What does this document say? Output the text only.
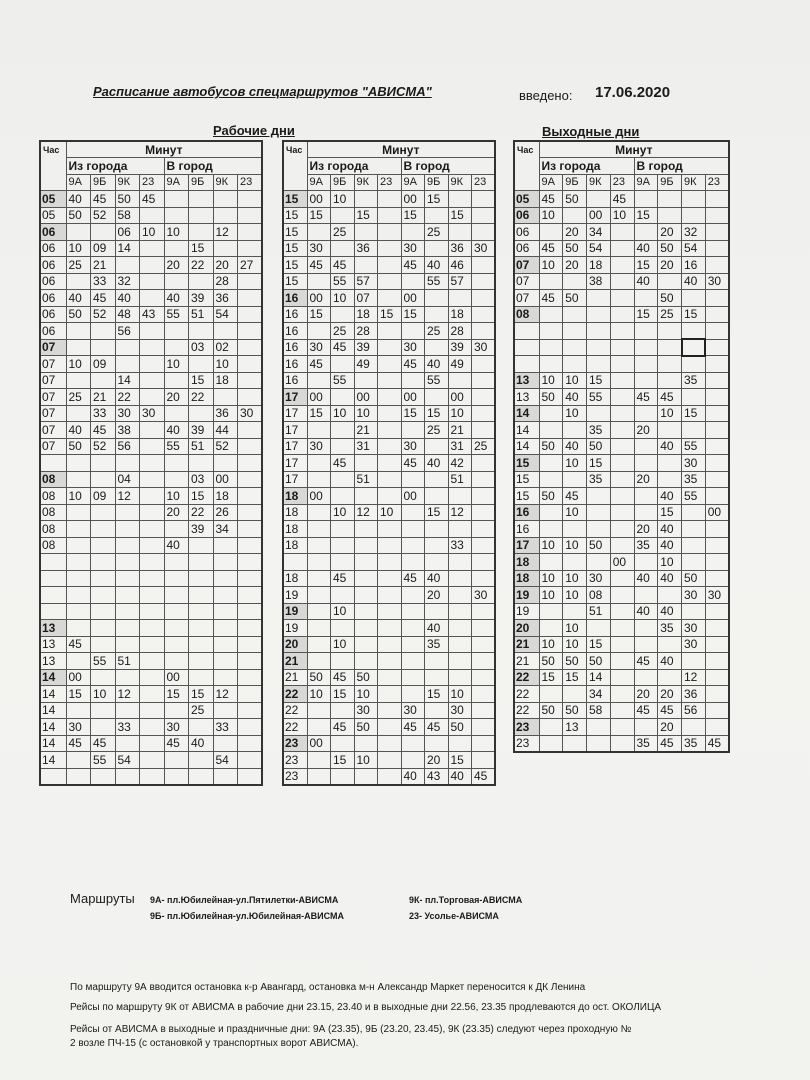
Расписание автобусов спецмаршрутов "АВИСМА"	введено: 17.06.2020
Рабочие дни	Выходные дни
Час	Минут							
	Из города				В город			
	9А	9Б	9К	23	9А	9Б	9К	23
05	40	45	50	45				
05	50	52	58					
06			06	10	10		12	
06	10	09	14			15		
06	25	21			20	22	20	27
06		33	32				28	
06	40	45	40		40	39	36	
06	50	52	48	43	55	51	54	
06			56					
07						03	02	
07	10	09			10		10	
07			14			15	18	
07	25	21	22		20	22		
07		33	30	30			36	30
07	40	45	38		40	39	44	
07	50	52	56		55	51	52	

08			04			03	00	
08	10	09	12		10	15	18	
08					20	22	26	
08						39	34	
08					40			

13								
13	45							
13		55	51					
14	00				00			
14	15	10	12		15	15	12	
14						25		
14	30		33		30		33	
14	45	45			45	40		
14		55	54				54	

Час	Минут							
	Из города				В город			
	9А	9Б	9К	23	9А	9Б	9К	23
15	00	10			00	15		
15	15		15		15		15	
15		25				25		
15	30		36		30		36	30
15	45	45			45	40	46	
15		55	57			55	57	
16	00	10	07		00			
16	15		18	15	15		18	
16		25	28			25	28	
16	30	45	39		30		39	30
16	45		49		45	40	49	
16		55				55		
17	00		00		00		00	
17	15	10	10		15	15	10	
17			21			25	21	
17	30		31		30		31	25
17		45			45	40	42	
17			51				51	
18	00				00			
18		10	12	10		15	12	
18								
18							33	

18		45			45	40		
19						20		30
19		10						
19						40		
20		10				35		
21								
21	50	45	50					
22	10	15	10			15	10	
22			30		30		30	
22		45	50		45	45	50	
23	00							
23		15	10			20	15	
23					40	43	40	45
Час	Минут							
	Из города				В город			
	9А	9Б	9К	23	9А	9Б	9К	23
05	45	50		45				
06	10		00	10	15			
06		20	34			20	32	
06	45	50	54		40	50	54	
07	10	20	18		15	20	16	
07			38		40		40	30
07	45	50				50		
08					15	25	15	

13	10	10	15				35	
13	50	40	55		45	45		
14		10				10	15	
14			35		20			
14	50	40	50			40	55	
15		10	15				30	
15			35		20		35	
15	50	45				40	55	
16		10				15		00
16					20	40		
17	10	10	50		35	40		
18				00		10		
18	10	10	30		40	40	50	
19	10	10	08				30	30
19			51		40	40		
20		10				35	30	
21	10	10	15				30	
21	50	50	50		45	40		
22	15	15	14				12	
22			34		20	20	36	
22	50	50	58		45	45	56	
23		13				20		
23					35	45	35	45
Маршруты 9А- пл.Юбилейная-ул.Пятилетки-АВИСМА
9Б- пл.Юбилейная-ул.Юбилейная-АВИСМА
9К- пл.Торговая-АВИСМА
23- Усолье-АВИСМА
По маршруту 9А вводится остановка к-р Авангард, остановка м-н Александр Маркет переносится к ДК Ленина
Рейсы по маршруту 9К от АВИСМА в рабочие дни 23.15, 23.40 и в выходные дни 22.56, 23.35 продлеваются до ост. ОКОЛИЦА
Рейсы от АВИСМА в выходные и праздничные дни: 9А (23.35), 9Б (23.20, 23.45), 9К (23.35) следуют через проходную №
2 возле ПЧ-15 (с остановкой у транспортных ворот АВИСМА).
